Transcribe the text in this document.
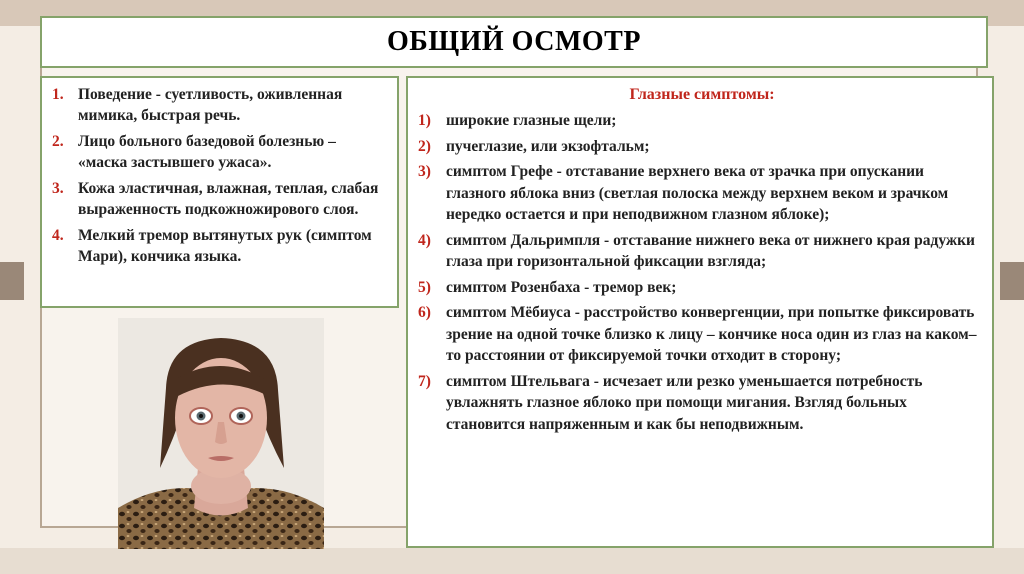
ОБЩИЙ ОСМОТР
1. Поведение - суетливость, оживленная мимика, быстрая речь.
2. Лицо больного базедовой болезнью – «маска застывшего ужаса».
3. Кожа эластичная, влажная, теплая, слабая выраженность подкожножирового слоя.
4. Мелкий тремор вытянутых рук (симптом Мари), кончика языка.
Глазные симптомы:
1) широкие глазные щели;
2) пучеглазие, или экзофтальм;
3) симптом Грефе - отставание верхнего века от зрачка при опускании глазного яблока вниз (светлая полоска между верхнем веком и зрачком нередко остается и при неподвижном глазном яблоке);
4) симптом Дальримпля - отставание нижнего века от нижнего края радужки глаза при горизонтальной фиксации взгляда;
5) симптом Розенбаха - тремор век;
6) симптом Мёбиуса - расстройство конвергенции, при попытке фиксировать зрение на одной точке близко к лицу – кончике носа один из глаз на каком–то расстоянии от фиксируемой точки отходит в сторону;
7) симптом Штельвага - исчезает или резко уменьшается потребность увлажнять глазное яблоко при помощи мигания. Взгляд больных становится напряженным и как бы неподвижным.
